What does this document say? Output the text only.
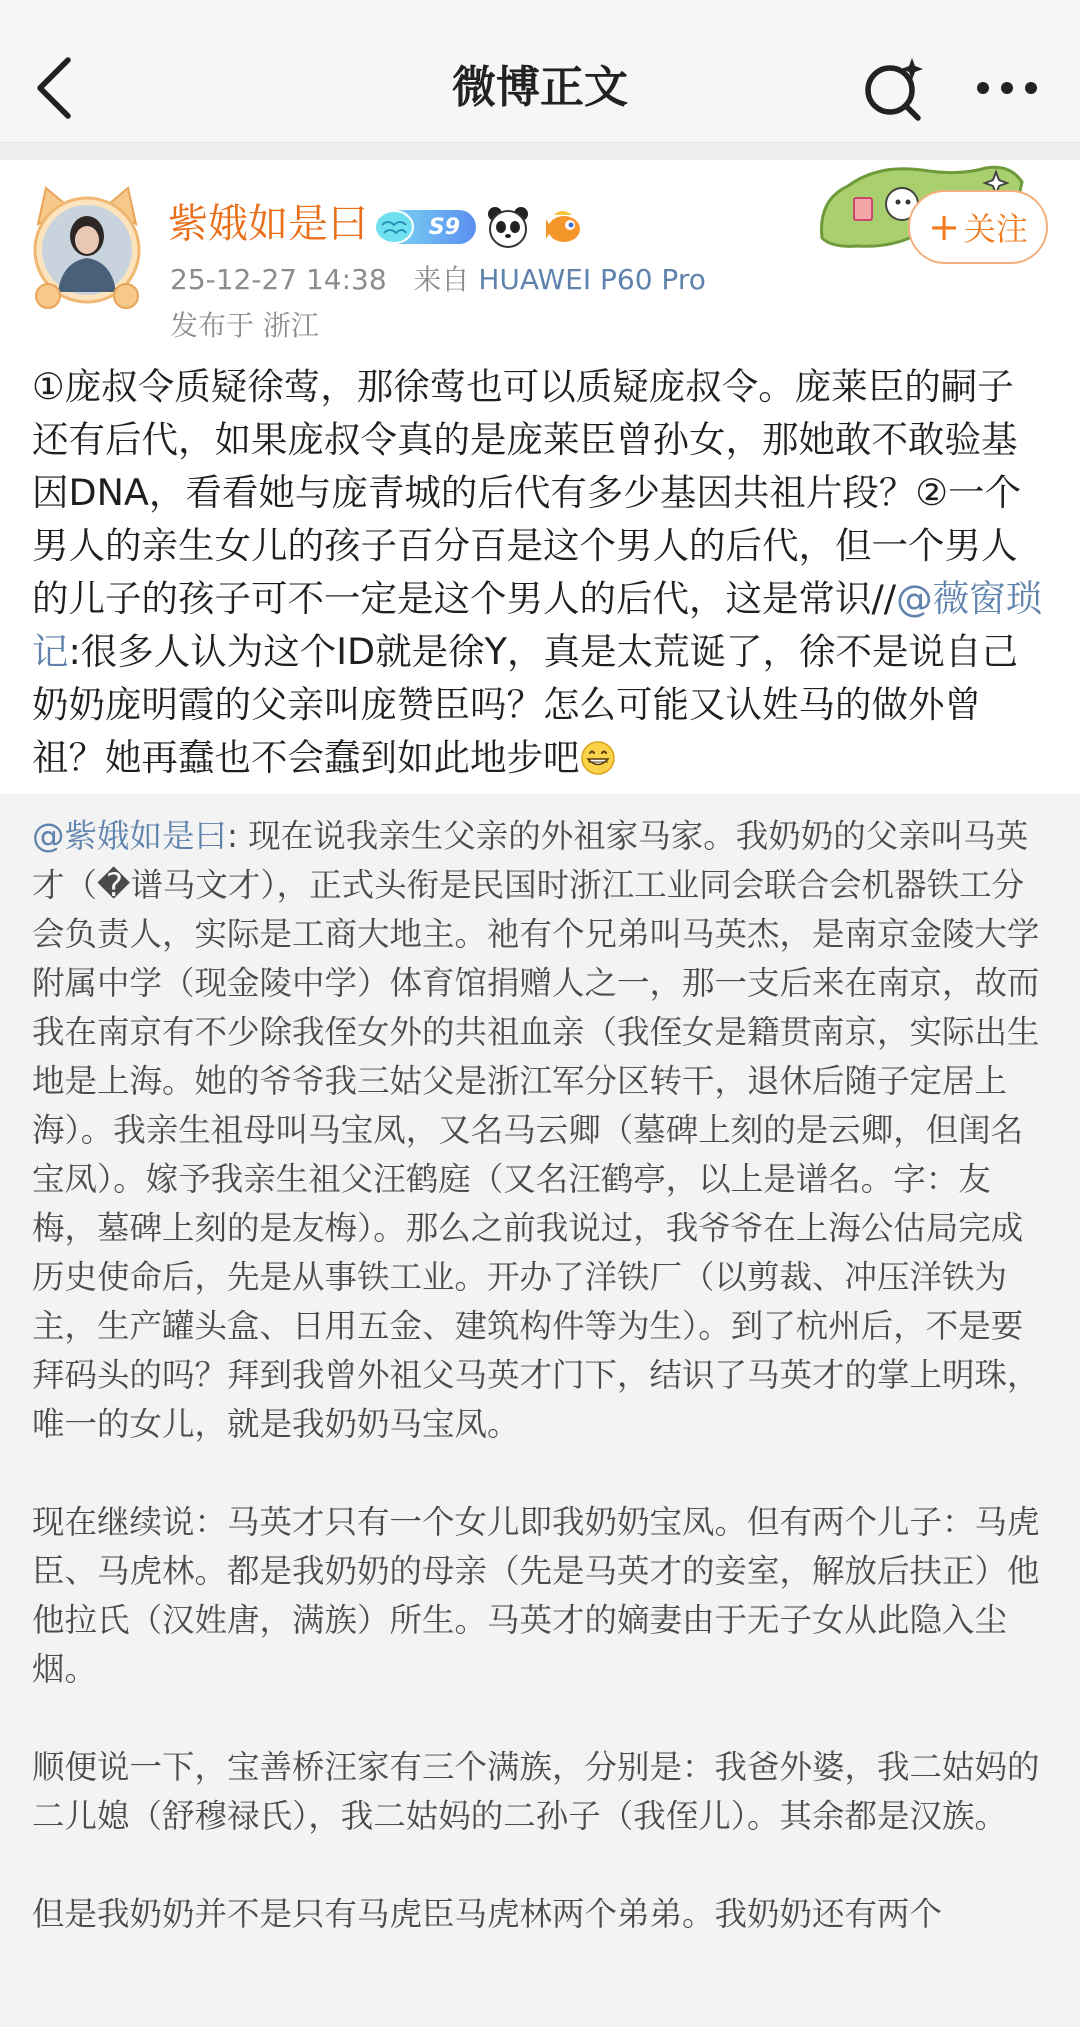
微博正文
紫娥如是曰	S9
25-12-27 14:38 来自 HUAWEI P60 Pro
发布于 浙江
+ 关注
①庞叔令质疑徐莺，那徐莺也可以质疑庞叔令。庞莱臣的嗣子还有后代，如果庞叔令真的是庞莱臣曾孙女，那她敢不敢验基因DNA，看看她与庞青城的后代有多少基因共祖片段？②一个男人的亲生女儿的孩子百分百是这个男人的后代，但一个男人的儿子的孩子可不一定是这个男人的后代，这是常识//@薇窗琐记:很多人认为这个ID就是徐Y，真是太荒诞了，徐不是说自己奶奶庞明霞的父亲叫庞赞臣吗？怎么可能又认姓马的做外曾祖？她再蠢也不会蠢到如此地步吧

@紫娥如是曰: 现在说我亲生父亲的外祖家马家。我奶奶的父亲叫马英才（�谱马文才），正式头衔是民国时浙江工业同会联合会机器铁工分会负责人，实际是工商大地主。祂有个兄弟叫马英杰，是南京金陵大学附属中学（现金陵中学）体育馆捐赠人之一，那一支后来在南京，故而我在南京有不少除我侄女外的共祖血亲（我侄女是籍贯南京，实际出生地是上海。她的爷爷我三姑父是浙江军分区转干，退休后随子定居上海）。我亲生祖母叫马宝凤，又名马云卿（墓碑上刻的是云卿，但闺名宝凤）。嫁予我亲生祖父汪鹤庭（又名汪鹤亭，以上是谱名。字：友梅，墓碑上刻的是友梅）。那么之前我说过，我爷爷在上海公估局完成历史使命后，先是从事铁工业。开办了洋铁厂（以剪裁、冲压洋铁为主，生产罐头盒、日用五金、建筑构件等为生）。到了杭州后，不是要拜码头的吗？拜到我曾外祖父马英才门下，结识了马英才的掌上明珠，唯一的女儿，就是我奶奶马宝凤。

现在继续说：马英才只有一个女儿即我奶奶宝凤。但有两个儿子：马虎臣、马虎林。都是我奶奶的母亲（先是马英才的妾室，解放后扶正）他他拉氏（汉姓唐，满族）所生。马英才的嫡妻由于无子女从此隐入尘烟。

顺便说一下，宝善桥汪家有三个满族，分别是：我爸外婆，我二姑妈的二儿媳（舒穆禄氏），我二姑妈的二孙子（我侄儿）。其余都是汉族。

但是我奶奶并不是只有马虎臣马虎林两个弟弟。我奶奶还有两个
